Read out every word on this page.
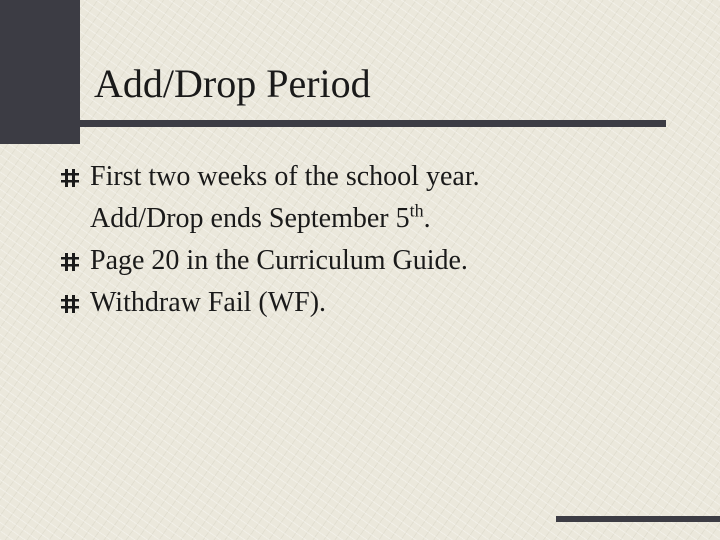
Add/Drop Period
First two weeks of the school year.
Add/Drop ends September 5th.
Page 20 in the Curriculum Guide.
Withdraw Fail (WF).
